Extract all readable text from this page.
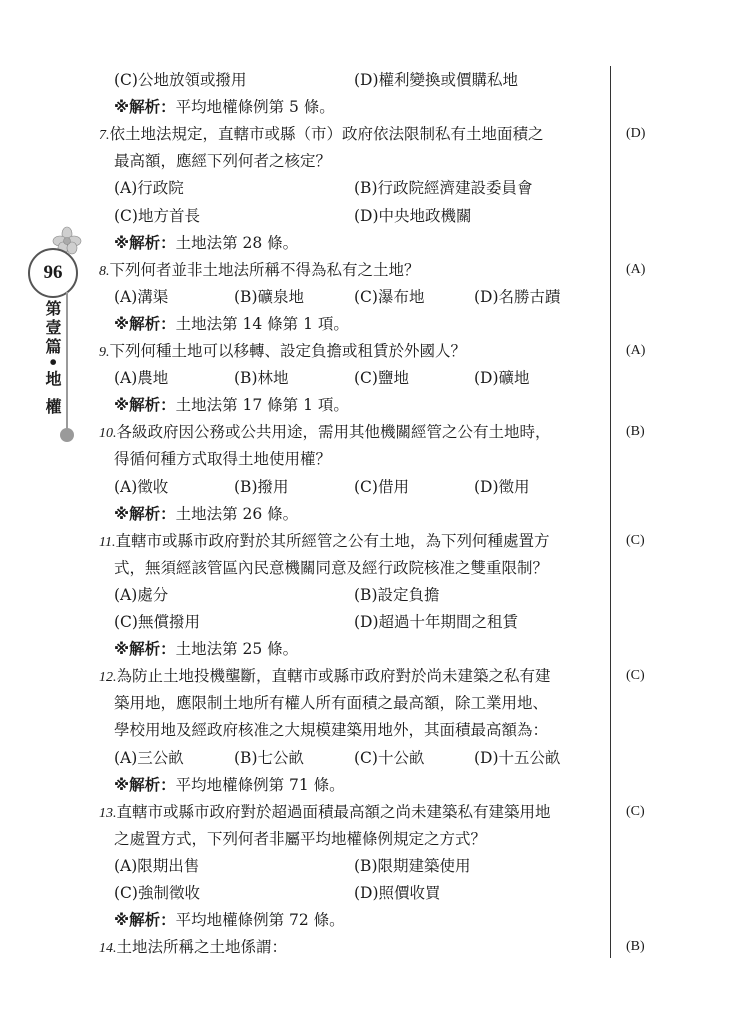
96
第壹篇•地 權
(C)公地放領或撥用	(D)權利變換或價購私地
※解析：平均地權條例第 5 條。
7.依土地法規定，直轄市或縣（市）政府依法限制私有土地面積之	(D)
最高額，應經下列何者之核定？
(A)行政院	(B)行政院經濟建設委員會
(C)地方首長	(D)中央地政機關
※解析：土地法第 28 條。
8.下列何者並非土地法所稱不得為私有之土地？	(A)
(A)溝渠	(B)礦泉地	(C)瀑布地	(D)名勝古蹟
※解析：土地法第 14 條第 1 項。
9.下列何種土地可以移轉、設定負擔或租賃於外國人？	(A)
(A)農地	(B)林地	(C)鹽地	(D)礦地
※解析：土地法第 17 條第 1 項。
10.各級政府因公務或公共用途，需用其他機關經管之公有土地時，	(B)
得循何種方式取得土地使用權？
(A)徵收	(B)撥用	(C)借用	(D)徵用
※解析：土地法第 26 條。
11.直轄市或縣市政府對於其所經管之公有土地，為下列何種處置方	(C)
式，無須經該管區內民意機關同意及經行政院核准之雙重限制？
(A)處分	(B)設定負擔
(C)無償撥用	(D)超過十年期間之租賃
※解析：土地法第 25 條。
12.為防止土地投機壟斷，直轄市或縣市政府對於尚未建築之私有建	(C)
築用地，應限制土地所有權人所有面積之最高額，除工業用地、
學校用地及經政府核准之大規模建築用地外，其面積最高額為：
(A)三公畝	(B)七公畝	(C)十公畝	(D)十五公畝
※解析：平均地權條例第 71 條。
13.直轄市或縣市政府對於超過面積最高額之尚未建築私有建築用地	(C)
之處置方式，下列何者非屬平均地權條例規定之方式？
(A)限期出售	(B)限期建築使用
(C)強制徵收	(D)照價收買
※解析：平均地權條例第 72 條。
14.土地法所稱之土地係謂：	(B)
